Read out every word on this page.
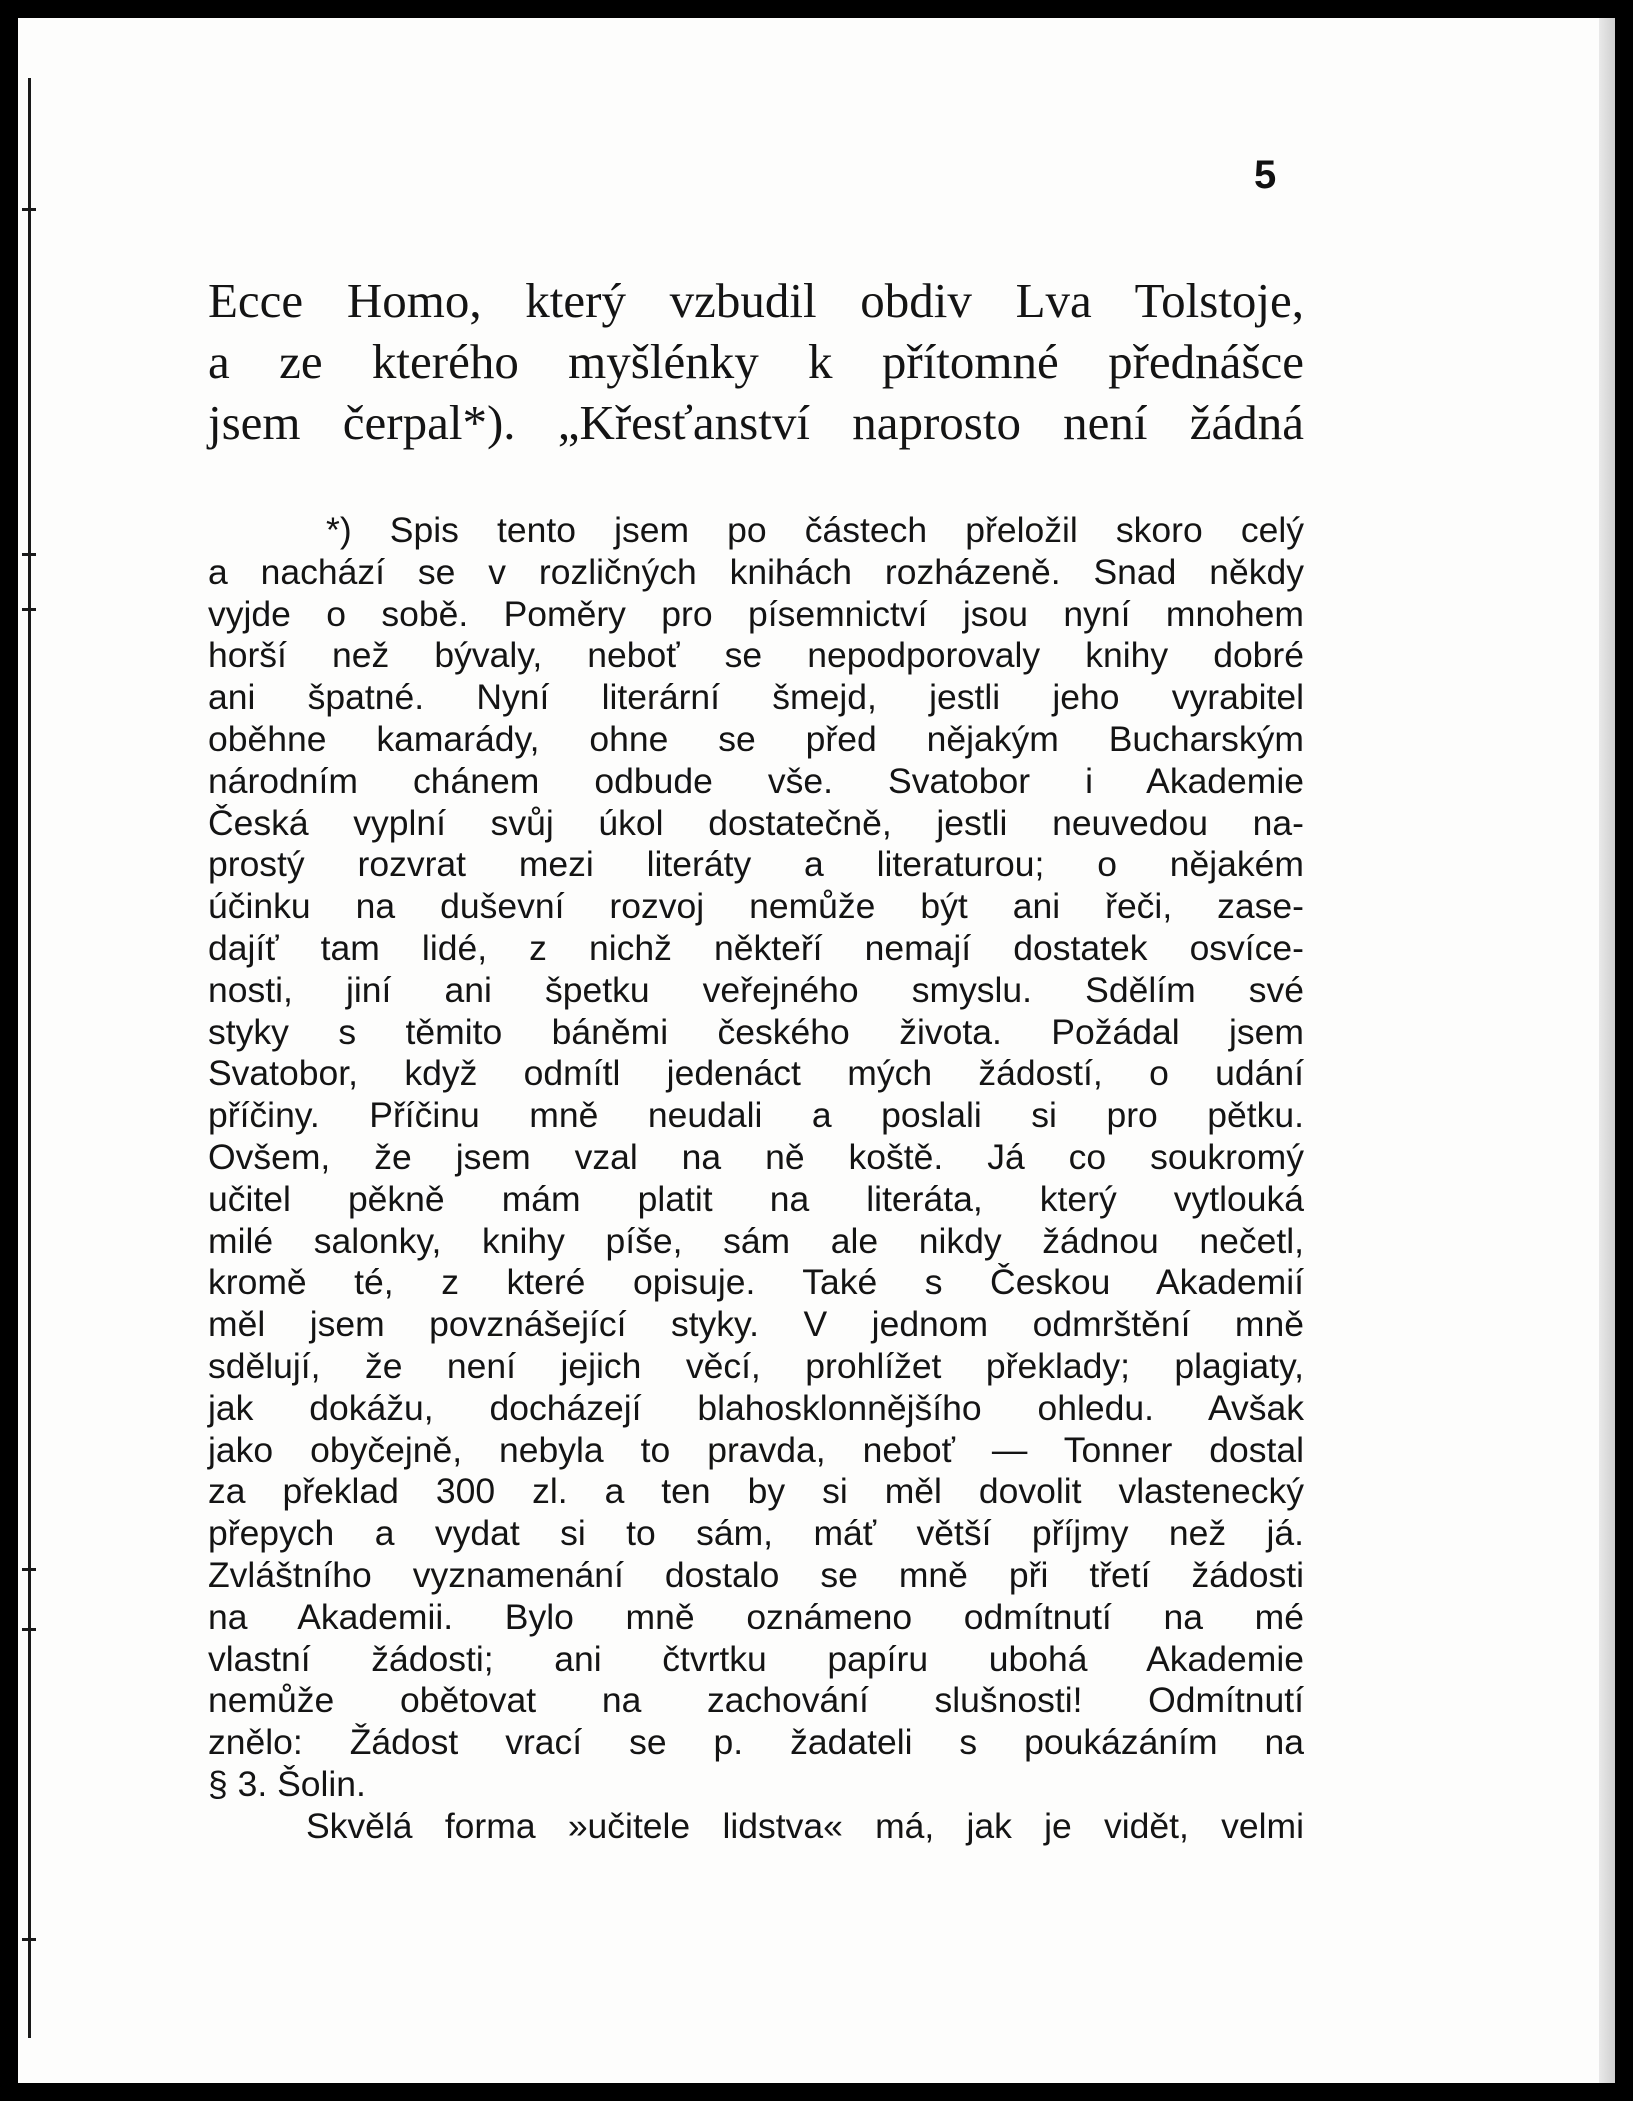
5
Ecce Homo, který vzbudil obdiv Lva Tolstoje,
a ze kterého myšlénky k přítomné přednášce
jsem čerpal*). „Křesťanství naprosto není žádná
*) Spis tento jsem po částech přeložil skoro celý
a nachází se v rozličných knihách rozházeně. Snad někdy
vyjde o sobě. Poměry pro písemnictví jsou nyní mnohem
horší než bývaly, neboť se nepodporovaly knihy dobré
ani špatné. Nyní literární šmejd, jestli jeho vyrabitel
oběhne kamarády, ohne se před nějakým Bucharským
národním chánem odbude vše. Svatobor i Akademie
Česká vyplní svůj úkol dostatečně, jestli neuvedou na-
prostý rozvrat mezi literáty a literaturou; o nějakém
účinku na duševní rozvoj nemůže být ani řeči, zase-
dajíť tam lidé, z nichž někteří nemají dostatek osvíce-
nosti, jiní ani špetku veřejného smyslu. Sdělím své
styky s těmito báněmi českého života. Požádal jsem
Svatobor, když odmítl jedenáct mých žádostí, o udání
příčiny. Příčinu mně neudali a poslali si pro pětku.
Ovšem, že jsem vzal na ně koště. Já co soukromý
učitel pěkně mám platit na literáta, který vytlouká
milé salonky, knihy píše, sám ale nikdy žádnou nečetl,
kromě té, z které opisuje. Také s Českou Akademií
měl jsem povznášející styky. V jednom odmrštění mně
sdělují, že není jejich věcí, prohlížet překlady; plagiaty,
jak dokážu, docházejí blahosklonnějšího ohledu. Avšak
jako obyčejně, nebyla to pravda, neboť — Tonner dostal
za překlad 300 zl. a ten by si měl dovolit vlastenecký
přepych a vydat si to sám, máť větší příjmy než já.
Zvláštního vyznamenání dostalo se mně při třetí žádosti
na Akademii. Bylo mně oznámeno odmítnutí na mé
vlastní žádosti; ani čtvrtku papíru ubohá Akademie
nemůže obětovat na zachování slušnosti! Odmítnutí
znělo: Žádost vrací se p. žadateli s poukázáním na
§ 3. Šolin.
Skvělá forma »učitele lidstva« má, jak je vidět, velmi
